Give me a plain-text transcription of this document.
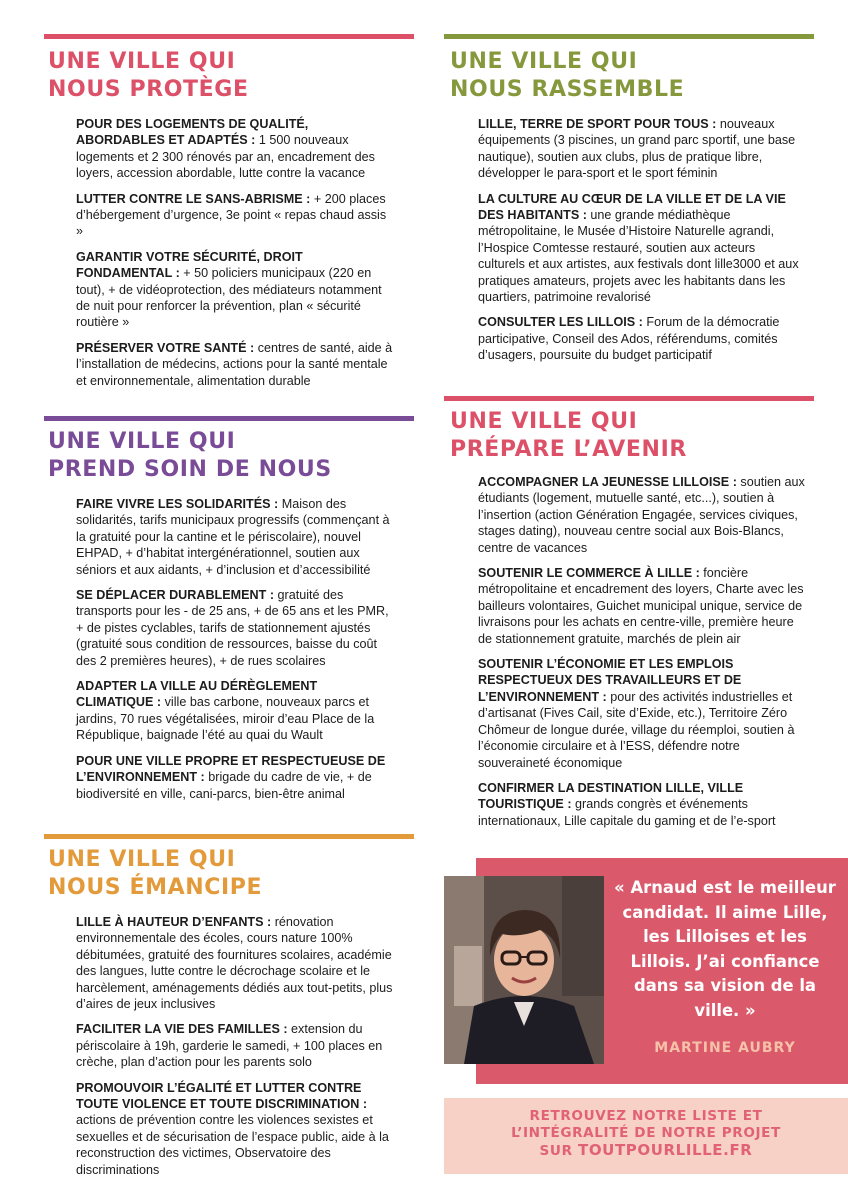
UNE VILLE QUI
NOUS PROTÈGE

POUR DES LOGEMENTS DE QUALITÉ, ABORDABLES ET ADAPTÉS : 1 500 nouveaux logements et 2 300 rénovés par an, encadrement des loyers, accession abordable, lutte contre la vacance

LUTTER CONTRE LE SANS-ABRISME : + 200 places d’hébergement d’urgence, 3e point « repas chaud assis »

GARANTIR VOTRE SÉCURITÉ, DROIT FONDAMENTAL : + 50 policiers municipaux (220 en tout), + de vidéoprotection, des médiateurs notamment de nuit pour renforcer la prévention, plan « sécurité routière »

PRÉSERVER VOTRE SANTÉ : centres de santé, aide à l’installation de médecins, actions pour la santé mentale et environnementale, alimentation durable

UNE VILLE QUI
NOUS RASSEMBLE

LILLE, TERRE DE SPORT POUR TOUS : nouveaux équipements (3 piscines, un grand parc sportif, une base nautique), soutien aux clubs, plus de pratique libre, développer le para-sport et le sport féminin

LA CULTURE AU CŒUR DE LA VILLE ET DE LA VIE DES HABITANTS : une grande médiathèque métropolitaine, le Musée d’Histoire Naturelle agrandi, l’Hospice Comtesse restauré, soutien aux acteurs culturels et aux artistes, aux festivals dont lille3000 et aux pratiques amateurs, projets avec les habitants dans les quartiers, patrimoine revalorisé

CONSULTER LES LILLOIS : Forum de la démocratie participative, Conseil des Ados, référendums, comités d’usagers, poursuite du budget participatif

UNE VILLE QUI
PREND SOIN DE NOUS

FAIRE VIVRE LES SOLIDARITÉS : Maison des solidarités, tarifs municipaux progressifs (commençant à la gratuité pour la cantine et le périscolaire), nouvel EHPAD, + d’habitat intergénérationnel, soutien aux séniors et aux aidants, + d’inclusion et d’accessibilité

SE DÉPLACER DURABLEMENT : gratuité des transports pour les - de 25 ans, + de 65 ans et les PMR, + de pistes cyclables, tarifs de stationnement ajustés (gratuité sous condition de ressources, baisse du coût des 2 premières heures), + de rues scolaires

ADAPTER LA VILLE AU DÉRÈGLEMENT CLIMATIQUE : ville bas carbone, nouveaux parcs et jardins, 70 rues végétalisées, miroir d’eau Place de la République, baignade l’été au quai du Wault

POUR UNE VILLE PROPRE ET RESPECTUEUSE DE L’ENVIRONNEMENT : brigade du cadre de vie, + de biodiversité en ville, cani-parcs, bien-être animal

UNE VILLE QUI
PRÉPARE L’AVENIR

ACCOMPAGNER LA JEUNESSE LILLOISE : soutien aux étudiants (logement, mutuelle santé, etc...), soutien à l’insertion (action Génération Engagée, services civiques, stages dating), nouveau centre social aux Bois-Blancs, centre de vacances

SOUTENIR LE COMMERCE À LILLE : foncière métropolitaine et encadrement des loyers, Charte avec les bailleurs volontaires, Guichet municipal unique, service de livraisons pour les achats en centre-ville, première heure de stationnement gratuite, marchés de plein air

SOUTENIR L’ÉCONOMIE ET LES EMPLOIS RESPECTUEUX DES TRAVAILLEURS ET DE L’ENVIRONNEMENT : pour des activités industrielles et d’artisanat (Fives Cail, site d’Exide, etc.), Territoire Zéro Chômeur de longue durée, village du réemploi, soutien à l’économie circulaire et à l’ESS, défendre notre souveraineté économique

CONFIRMER LA DESTINATION LILLE, VILLE TOURISTIQUE : grands congrès et événements internationaux, Lille capitale du gaming et de l’e-sport

UNE VILLE QUI
NOUS ÉMANCIPE

LILLE À HAUTEUR D’ENFANTS : rénovation environnementale des écoles, cours nature 100% débitumées, gratuité des fournitures scolaires, académie des langues, lutte contre le décrochage scolaire et le harcèlement, aménagements dédiés aux tout-petits, plus d’aires de jeux inclusives

FACILITER LA VIE DES FAMILLES : extension du périscolaire à 19h, garderie le samedi, + 100 places en crèche, plan d’action pour les parents solo

PROMOUVOIR L’ÉGALITÉ ET LUTTER CONTRE TOUTE VIOLENCE ET TOUTE DISCRIMINATION : actions de prévention contre les violences sexistes et sexuelles et de sécurisation de l’espace public, aide à la reconstruction des victimes, Observatoire des discriminations

« Arnaud est le meilleur candidat. Il aime Lille, les Lilloises et les Lillois. J’ai confiance dans sa vision de la ville. »
MARTINE AUBRY
RETROUVEZ NOTRE LISTE ET
L’INTÉGRALITÉ DE NOTRE PROJET
SUR TOUTPOURLILLE.FR
